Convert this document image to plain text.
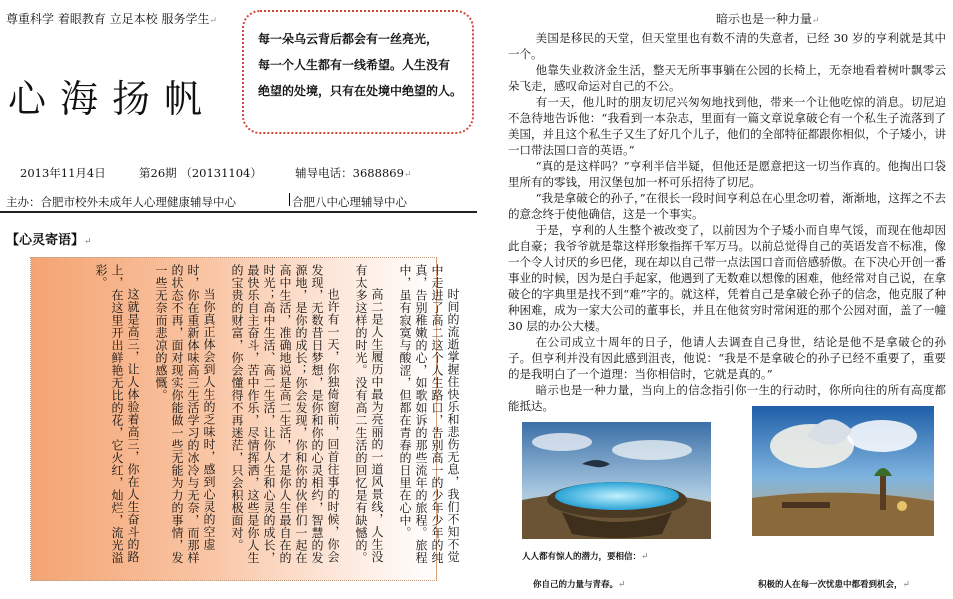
尊重科学 着眼教育 立足本校 服务学生↵
心海扬帆
每一朵乌云背后都会有一丝亮光，
每一个人生都有一线希望。人生没有
绝望的处境，只有在处境中绝望的人。
2013年11月4日	第26期 （20131104）	辅导电话：3688869↵
主办：合肥市校外未成年人心理健康辅导中心	合肥八中心理辅导中心
【心灵寄语】↵

时间的流逝掌握住快乐和悲伤无息，我们不知不觉中走进了高二这个人生路口，告别高一的少年少年的纯真，告别稚嫩的心，如歌如诉的那些流年的旅程。旅程中，虽有寂寞与酸涩，但都在青春的日里在心中。

高二是人生履历中最为亮丽的一道风景线，人生没有太多这样的时光。没有高二生活的回忆是有缺憾的。

也许有一天，你独倚窗前，回首往事的时候，你会发现，无数昔日梦想，是你和你的心灵相约，智慧的发源地，是你的成长；你会发现，你和你的伙伴们一起在高中生活，准确地说是高二生活，才是你人生最自在的时光；高中生活、高二生活，让你人生和心灵的成长，最快乐自主奋斗，苦中作乐，尽情挥洒，这些是你人生的宝贵的财富，你会懂得不再迷茫，只会积极面对。

当你真正体会到人生的乏味时，感到心灵的空虚时，你在重新体味高三生活学习的冰冷与无奈，而那样的状态不再，面对现实你能做一些无能为力的事情，发一些无奈而悲凉的感慨。

这就是高三，让人体验着高三，你在人生奋斗的路上，在这里开出鲜艳无比的花，它火红，灿烂，流光溢彩。

暗示也是一种力量↵

美国是移民的天堂，但天堂里也有数不清的失意者，已经 30 岁的亨利就是其中一个。

他靠失业救济金生活，整天无所事事躺在公园的长椅上，无奈地看着树叶飘零云朵飞走，感叹命运对自己的不公。

有一天，他儿时的朋友切尼兴匆匆地找到他，带来一个让他吃惊的消息。切尼迫不急待地告诉他：“我看到一本杂志，里面有一篇文章说拿破仑有一个私生子流落到了美国，并且这个私生子又生了好几个儿子，他们的全部特征都跟你相似，个子矮小，讲一口带法国口音的英语。”

“真的是这样吗？”亨利半信半疑，但他还是愿意把这一切当作真的。他掏出口袋里所有的零钱，用汉堡包加一杯可乐招待了切尼。

“我是拿破仑的孙子，”在很长一段时间亨利总在心里念叨着，渐渐地，这挥之不去的意念终于使他确信，这是一个事实。

于是，亨利的人生整个被改变了，以前因为个子矮小而自卑气馁，而现在他却因此自豪；我爷爷就是靠这样形象指挥千军万马。以前总觉得自己的英语发音不标准，像一个令人讨厌的乡巴佬，现在却以自己带一点法国口音而倍感骄傲。在下决心开创一番事业的时候，因为是白手起家，他遇到了无数难以想像的困难，他经常对自己说，在拿破仑的字典里是找不到“难”字的。就这样，凭着自己是拿破仑孙子的信念，他克服了种种困难，成为一家大公司的董事长，并且在他贫穷时常闲逛的那个公园对面，盖了一幢 30 层的办公大楼。

在公司成立十周年的日子，他请人去调查自己身世，结论是他不是拿破仑的孙子。但亨利并没有因此感到沮丧，他说：“我是不是拿破仑的孙子已经不重要了，重要的是我明白了一个道理：当你相信时，它就是真的。”

暗示也是一种力量，当向上的信念指引你一生的行动时，你所向往的所有高度都能抵达。

人人都有惊人的潜力，要相信：↵
你自己的力量与青春。↵	积极的人在每一次忧患中都看到机会，↵
